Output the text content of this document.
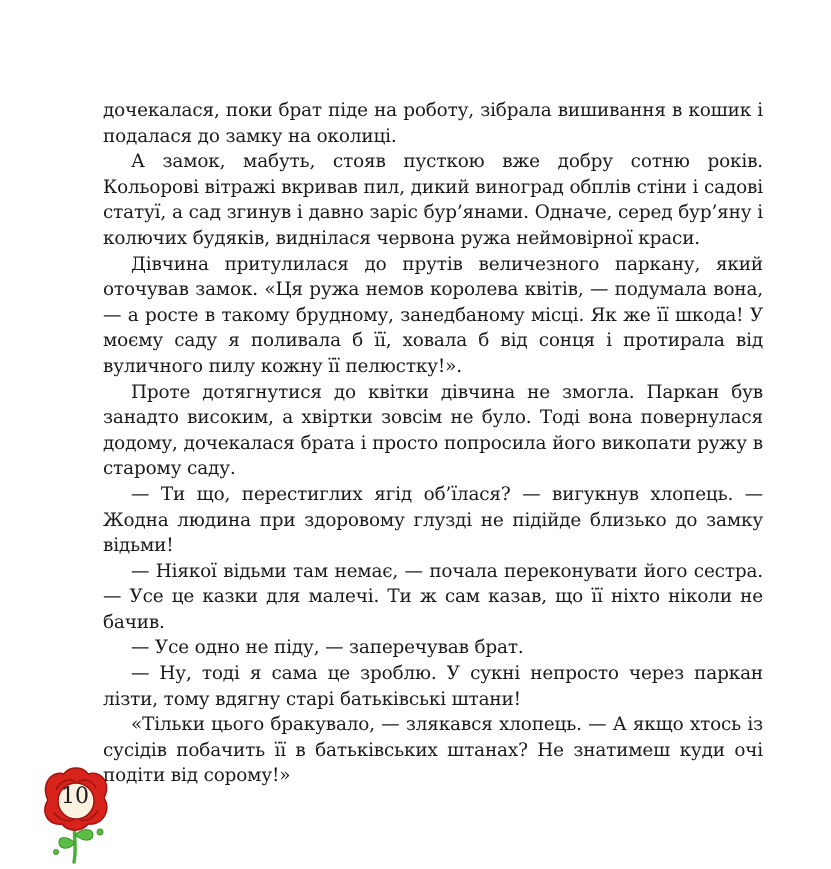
дочекалася, поки брат піде на роботу, зібрала вишивання в кошик і подалася до замку на околиці.

А замок, мабуть, стояв пусткою вже добру сотню років. Кольорові вітражі вкривав пил, дикий виноград обплів стіни і садові статуї, а сад згинув і давно заріс бур’янами. Одначе, серед бур’яну і колючих будяків, виднілася червона ружа неймовірної краси.

Дівчина притулилася до прутів величезного паркану, який оточував замок. «Ця ружа немов королева квітів, — подумала вона, — а росте в такому брудному, занедбаному місці. Як же її шкода! У моєму саду я поливала б її, ховала б від сонця і протирала від вуличного пилу кожну її пелюстку!».

Проте дотягнутися до квітки дівчина не змогла. Паркан був занадто високим, а хвіртки зовсім не було. Тоді вона повернулася додому, дочекалася брата і просто попросила його викопати ружу в старому саду.

— Ти що, перестиглих ягід об’їлася? — вигукнув хлопець. — Жодна людина при здоровому глузді не підійде близько до замку відьми!

— Ніякої відьми там немає, — почала переконувати його сестра. — Усе це казки для малечі. Ти ж сам казав, що її ніхто ніколи не бачив.

— Усе одно не піду, — заперечував брат.

— Ну, тоді я сама це зроблю. У сукні непросто через паркан лізти, тому вдягну старі батьківські штани!

«Тільки цього бракувало, — злякався хлопець. — А якщо хтось із сусідів побачить її в батьківських штанах? Не знатимеш куди очі подіти від сорому!»

10
